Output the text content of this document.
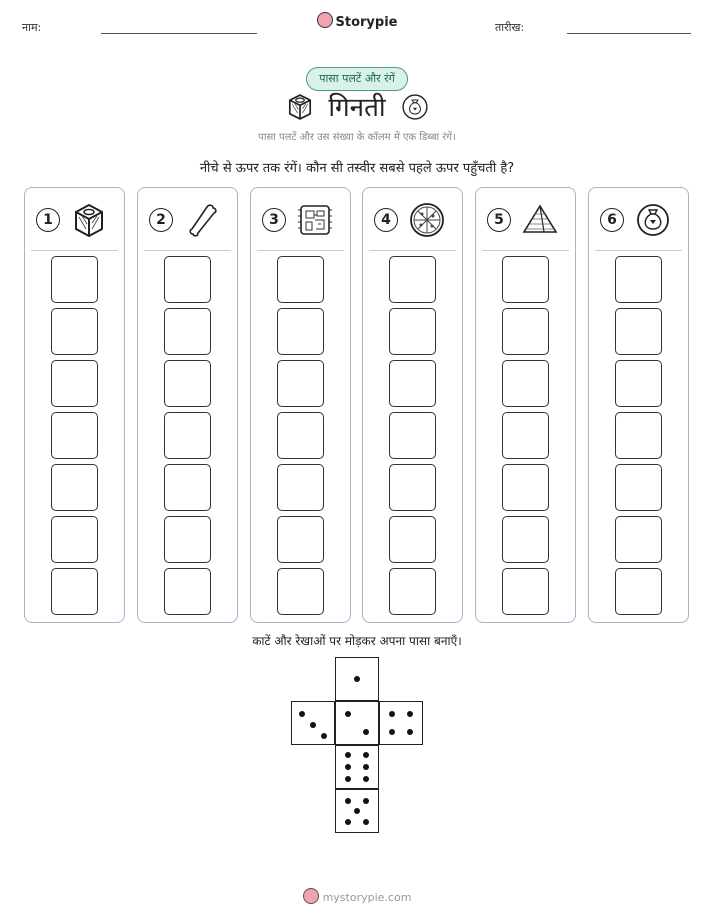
नाम:	Storypie	तारीख:
पासा पलटें और रंगें
गिनती
पासा पलटें और उस संख्या के कॉलम में एक डिब्बा रंगें।
नीचे से ऊपर तक रंगें। कौन सी तस्वीर सबसे पहले ऊपर पहुँचती है?
1	2	3	4	5	6
काटें और रेखाओं पर मोड़कर अपना पासा बनाएँ।
mystorypie.com
